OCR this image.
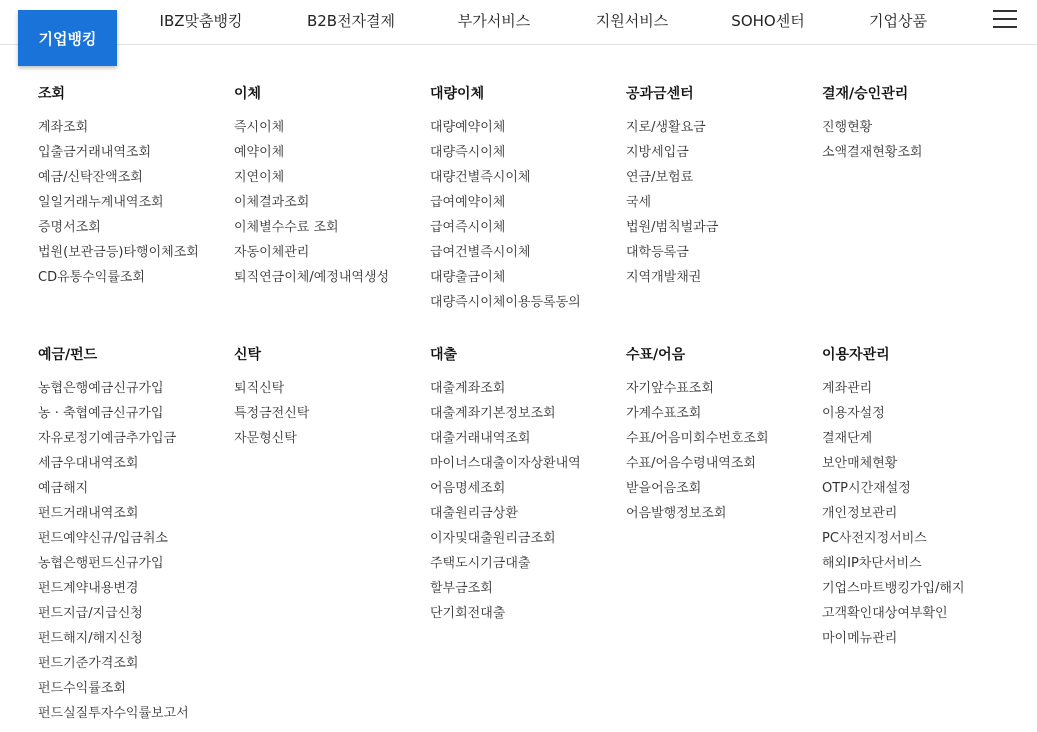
기업뱅킹
IBZ맞춤뱅킹	B2B전자결제	부가서비스	지원서비스	SOHO센터	기업상품
조회
계좌조회
입출금거래내역조회
예금/신탁잔액조회
일일거래누계내역조회
증명서조회
법원(보관금등)타행이체조회
CD유통수익률조회
이체
즉시이체
예약이체
지연이체
이체결과조회
이체별수수료 조회
자동이체관리
퇴직연금이체/예정내역생성
대량이체
대량예약이체
대량즉시이체
대량건별즉시이체
급여예약이체
급여즉시이체
급여건별즉시이체
대량출금이체
대량즉시이체이용등록동의
공과금센터
지로/생활요금
지방세입금
연금/보험료
국세
법원/범칙벌과금
대학등록금
지역개발채권
결재/승인관리
진행현황
소액결재현황조회
예금/펀드
농협은행예금신규가입
농 · 축협예금신규가입
자유로정기예금추가입금
세금우대내역조회
예금해지
펀드거래내역조회
펀드예약신규/입금취소
농협은행펀드신규가입
펀드계약내용변경
펀드지급/지급신청
펀드해지/해지신청
펀드기준가격조회
펀드수익률조회
펀드실질투자수익률보고서
신탁
퇴직신탁
특정금전신탁
자문형신탁
대출
대출계좌조회
대출계좌기본정보조회
대출거래내역조회
마이너스대출이자상환내역
어음명세조회
대출원리금상환
이자및대출원리금조회
주택도시기금대출
할부금조회
단기회전대출
수표/어음
자기앞수표조회
가계수표조회
수표/어음미회수번호조회
수표/어음수령내역조회
받을어음조회
어음발행정보조회
이용자관리
계좌관리
이용자설정
결재단계
보안매체현황
OTP시간재설정
개인정보관리
PC사전지정서비스
해외IP차단서비스
기업스마트뱅킹가입/해지
고객확인대상여부확인
마이메뉴관리
